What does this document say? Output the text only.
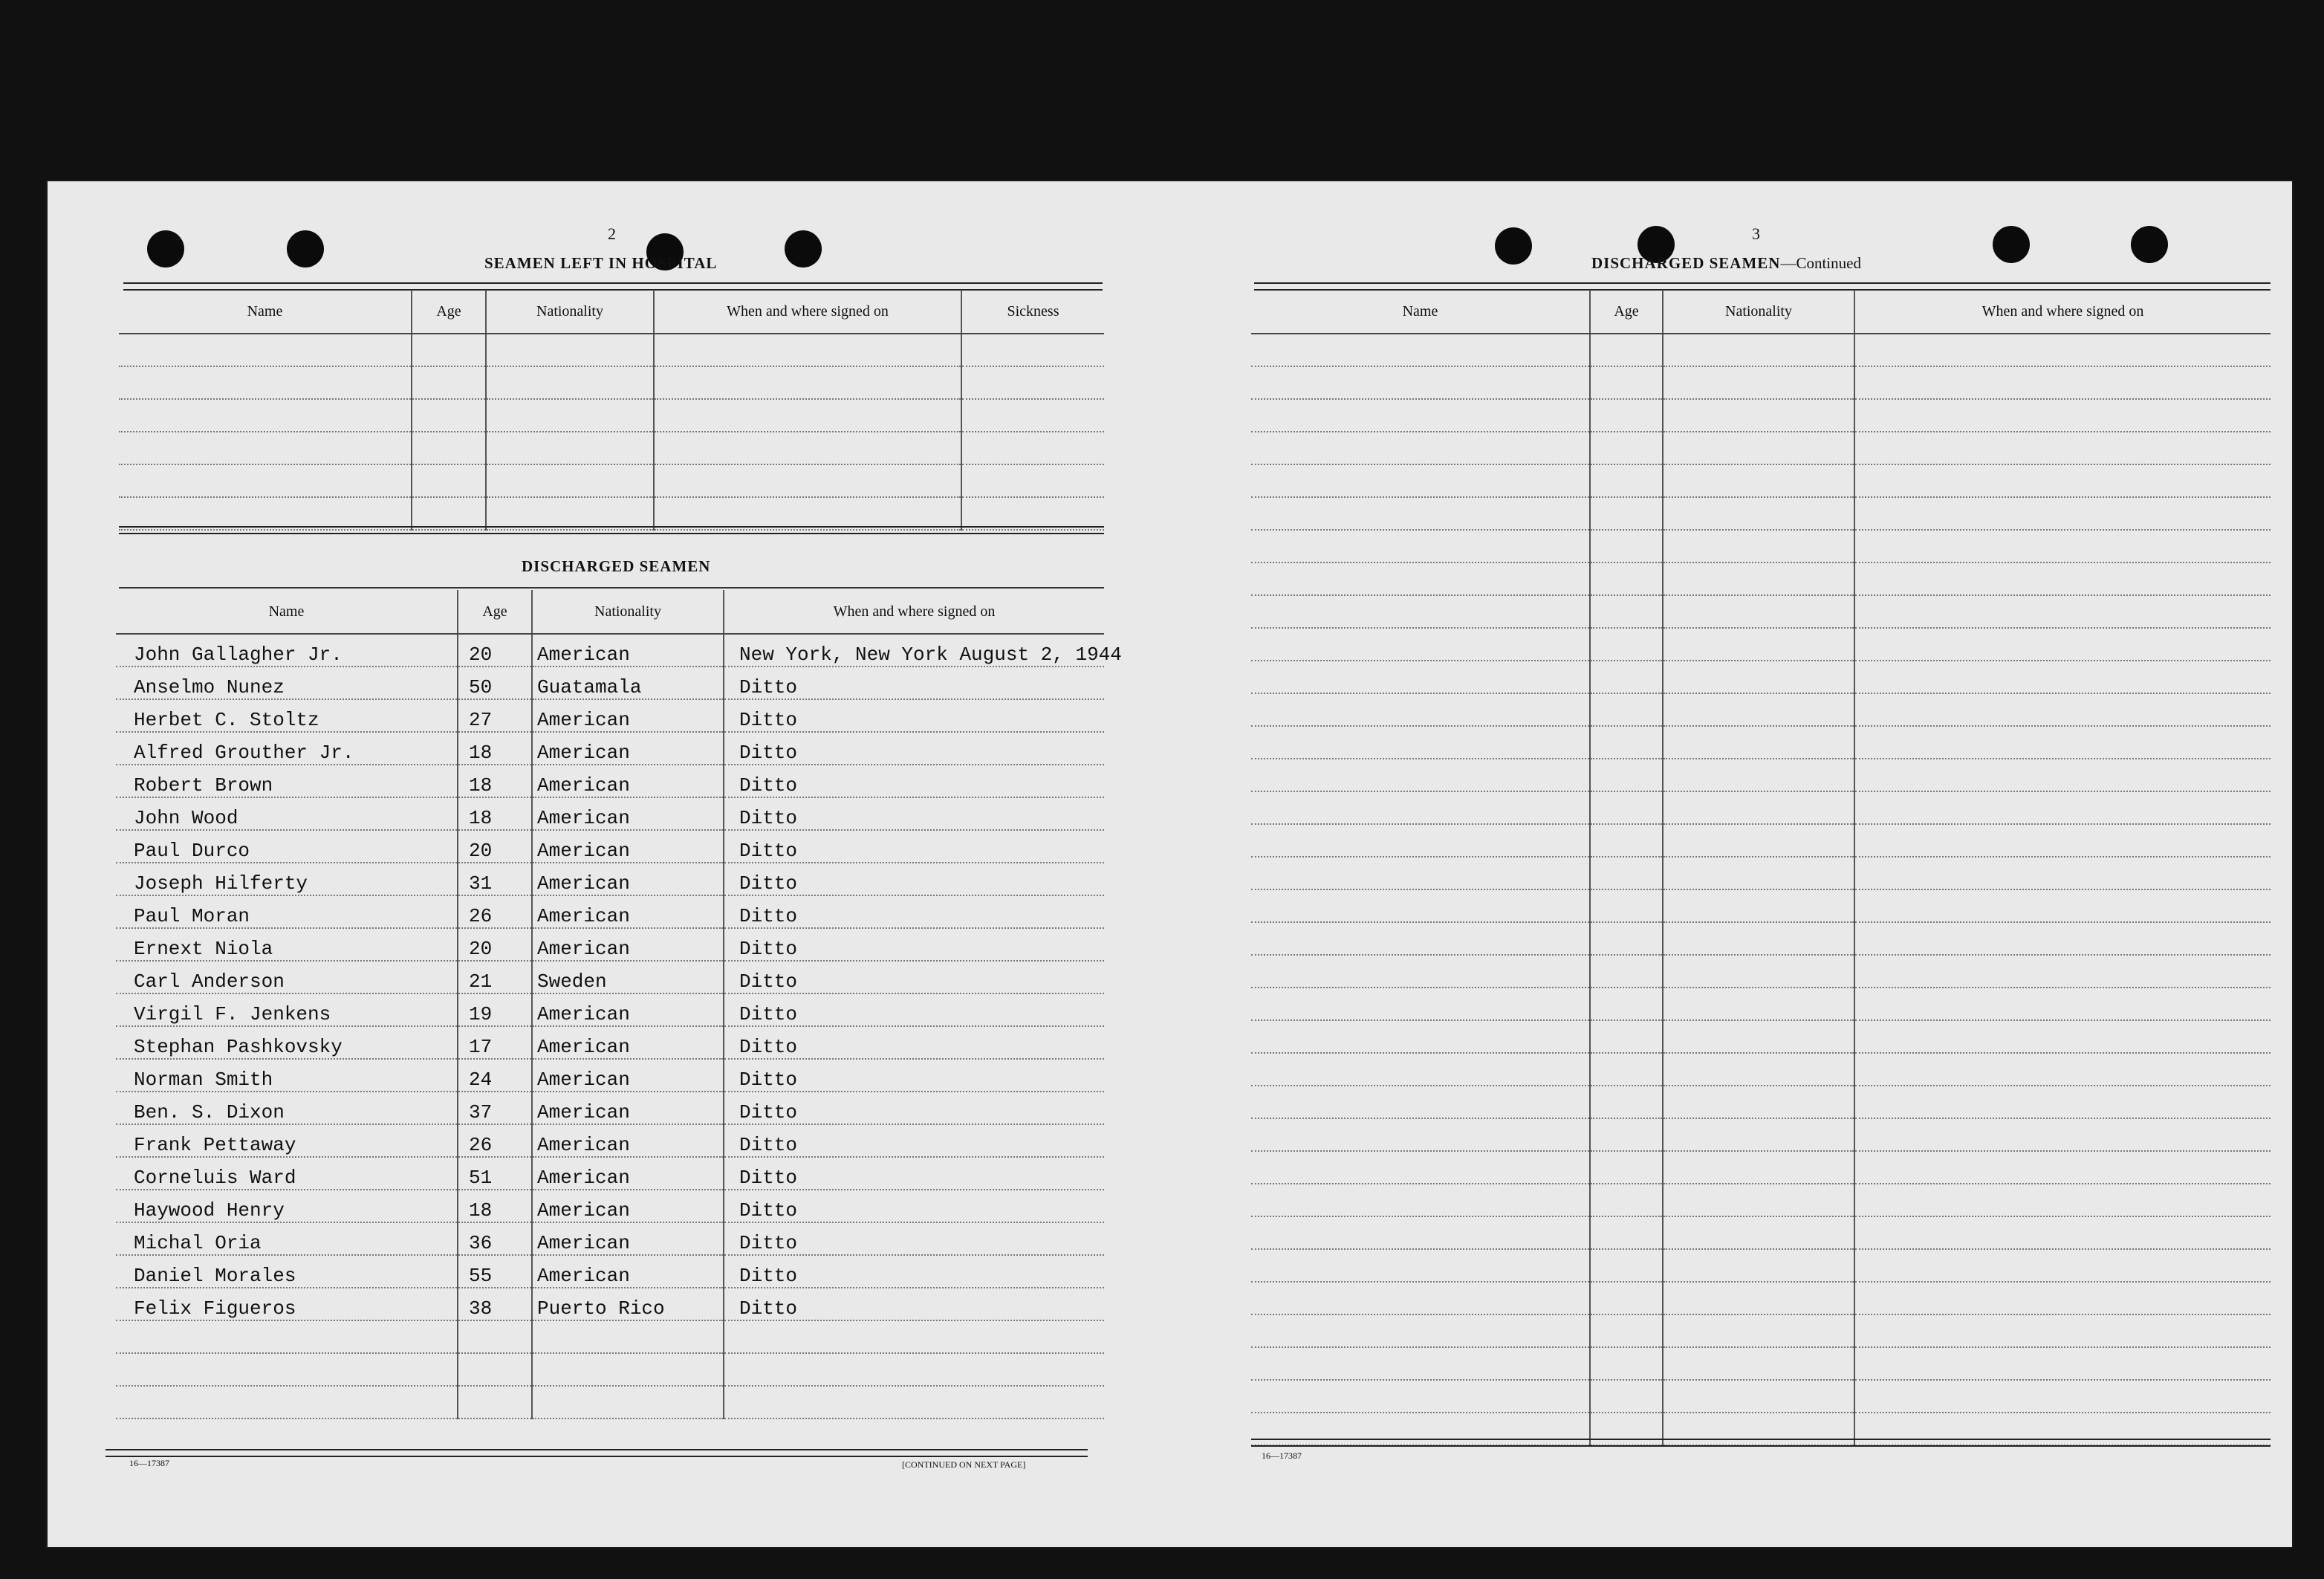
2
SEAMEN LEFT IN HOSPITAL
Name	Age	Nationality	When and where signed on	Sickness

DISCHARGED SEAMEN
Name	Age	Nationality	When and where signed on
John Gallagher Jr.	20	American	New York, New York August 2, 1944
Anselmo Nunez	50	Guatamala	Ditto
Herbet C. Stoltz	27	American	Ditto
Alfred Grouther Jr.	18	American	Ditto
Robert Brown	18	American	Ditto
John Wood	18	American	Ditto
Paul Durco	20	American	Ditto
Joseph Hilferty	31	American	Ditto
Paul Moran	26	American	Ditto
Ernext Niola	20	American	Ditto
Carl Anderson	21	Sweden	Ditto
Virgil F. Jenkens	19	American	Ditto
Stephan Pashkovsky	17	American	Ditto
Norman Smith	24	American	Ditto
Ben. S. Dixon	37	American	Ditto
Frank Pettaway	26	American	Ditto
Corneluis Ward	51	American	Ditto
Haywood Henry	18	American	Ditto
Michal Oria	36	American	Ditto
Daniel Morales	55	American	Ditto
Felix Figueros	38	Puerto Rico	Ditto

16—17387	[CONTINUED ON NEXT PAGE]
3
DISCHARGED SEAMEN—Continued
Name	Age	Nationality	When and where signed on

16—17387
